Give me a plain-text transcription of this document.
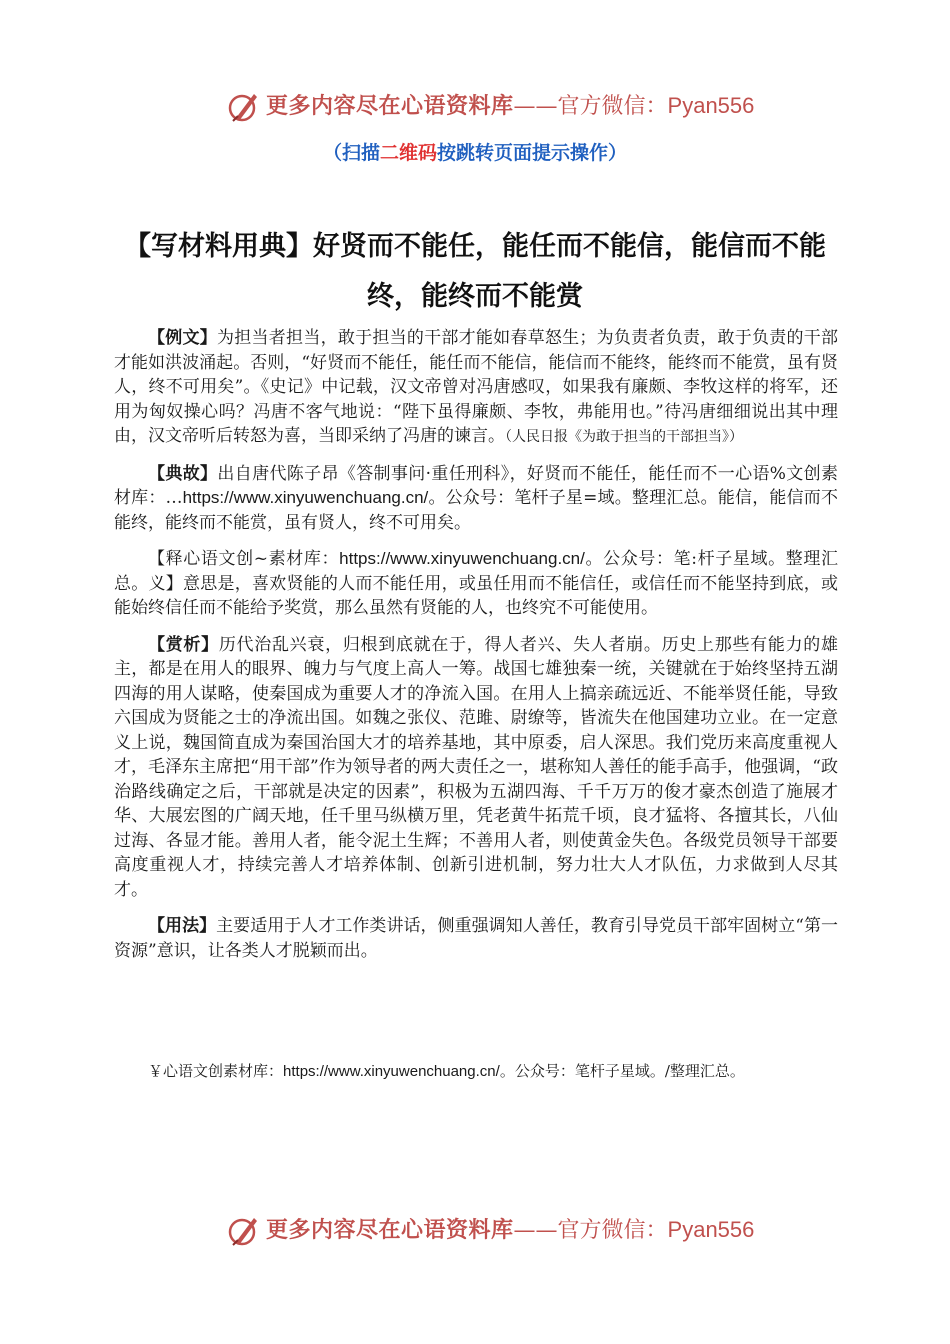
更多内容尽在心语资料库——官方微信：Pyan556
（扫描二维码按跳转页面提示操作）
【写材料用典】好贤而不能任，能任而不能信，能信而不能终，能终而不能赏

【例文】为担当者担当，敢于担当的干部才能如春草怒生；为负责者负责，敢于负责的干部才能如洪波涌起。否则，“好贤而不能任，能任而不能信，能信而不能终，能终而不能赏，虽有贤人，终不可用矣”。《史记》中记载，汉文帝曾对冯唐感叹，如果我有廉颇、李牧这样的将军，还用为匈奴操心吗？冯唐不客气地说：“陛下虽得廉颇、李牧，弗能用也。”待冯唐细细说出其中理由，汉文帝听后转怒为喜，当即采纳了冯唐的谏言。（人民日报《为敢于担当的干部担当》）

【典故】出自唐代陈子昂《答制事问·重任刑科》，好贤而不能任，能任而不一心语%文创素材库：…https://www.xinyuwenchuang.cn/。公众号：笔杆子星=域。整理汇总。能信，能信而不能终，能终而不能赏，虽有贤人，终不可用矣。

【释心语文创~素材库：https://www.xinyuwenchuang.cn/。公众号：笔:杆子星域。整理汇总。义】意思是，喜欢贤能的人而不能任用，或虽任用而不能信任，或信任而不能坚持到底，或能始终信任而不能给予奖赏，那么虽然有贤能的人，也终究不可能使用。

【赏析】历代治乱兴衰，归根到底就在于，得人者兴、失人者崩。历史上那些有能力的雄主，都是在用人的眼界、魄力与气度上高人一筹。战国七雄独秦一统，关键就在于始终坚持五湖四海的用人谋略，使秦国成为重要人才的净流入国。在用人上搞亲疏远近、不能举贤任能，导致六国成为贤能之士的净流出国。如魏之张仪、范雎、尉缭等，皆流失在他国建功立业。在一定意义上说，魏国简直成为秦国治国大才的培养基地，其中原委，启人深思。我们党历来高度重视人才，毛泽东主席把“用干部”作为领导者的两大责任之一，堪称知人善任的能手高手，他强调，“政治路线确定之后，干部就是决定的因素”，积极为五湖四海、千千万万的俊才豪杰创造了施展才华、大展宏图的广阔天地，任千里马纵横万里，凭老黄牛拓荒千顷，良才猛将、各擅其长，八仙过海、各显才能。善用人者，能令泥土生辉；不善用人者，则使黄金失色。各级党员领导干部要高度重视人才，持续完善人才培养体制、创新引进机制，努力壮大人才队伍，力求做到人尽其才。

【用法】主要适用于人才工作类讲话，侧重强调知人善任，教育引导党员干部牢固树立“第一资源”意识，让各类人才脱颖而出。

￥心语文创素材库：https://www.xinyuwenchuang.cn/。公众号：笔杆子星域。/整理汇总。
更多内容尽在心语资料库——官方微信：Pyan556
